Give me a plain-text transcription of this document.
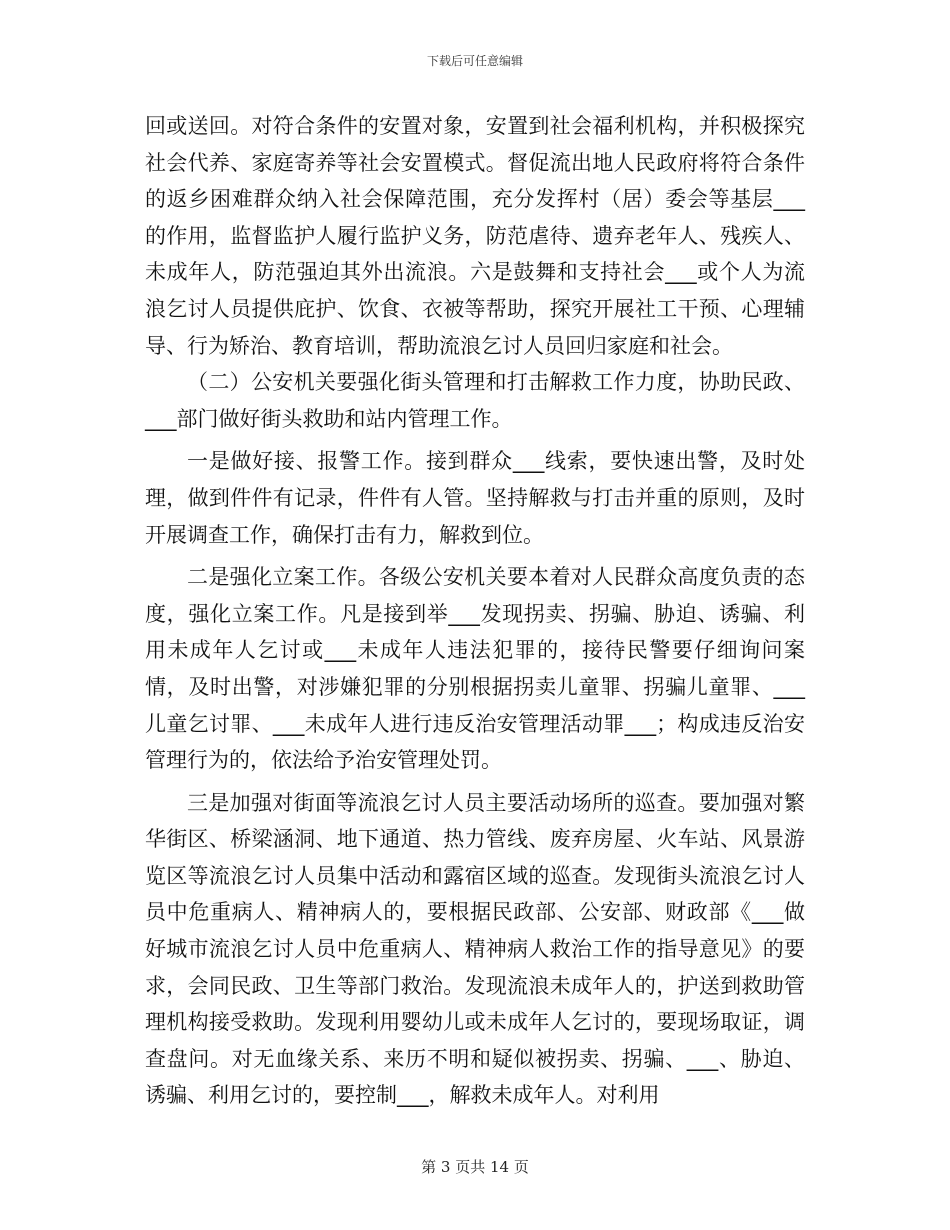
下载后可任意编辑

回或送回。对符合条件的安置对象，安置到社会福利机构，并积极探究社会代养、家庭寄养等社会安置模式。督促流出地人民政府将符合条件的返乡困难群众纳入社会保障范围，充分发挥村（居）委会等基层___的作用，监督监护人履行监护义务，防范虐待、遗弃老年人、残疾人、未成年人，防范强迫其外出流浪。六是鼓舞和支持社会___或个人为流浪乞讨人员提供庇护、饮食、衣被等帮助，探究开展社工干预、心理辅导、行为矫治、教育培训，帮助流浪乞讨人员回归家庭和社会。

（二）公安机关要强化街头管理和打击解救工作力度，协助民政、___部门做好街头救助和站内管理工作。

一是做好接、报警工作。接到群众___线索，要快速出警，及时处理，做到件件有记录，件件有人管。坚持解救与打击并重的原则，及时开展调查工作，确保打击有力，解救到位。

二是强化立案工作。各级公安机关要本着对人民群众高度负责的态度，强化立案工作。凡是接到举___发现拐卖、拐骗、胁迫、诱骗、利用未成年人乞讨或___未成年人违法犯罪的，接待民警要仔细询问案情，及时出警，对涉嫌犯罪的分别根据拐卖儿童罪、拐骗儿童罪、___儿童乞讨罪、___未成年人进行违反治安管理活动罪___；构成违反治安管理行为的，依法给予治安管理处罚。

三是加强对街面等流浪乞讨人员主要活动场所的巡查。要加强对繁华街区、桥梁涵洞、地下通道、热力管线、废弃房屋、火车站、风景游览区等流浪乞讨人员集中活动和露宿区域的巡查。发现街头流浪乞讨人员中危重病人、精神病人的，要根据民政部、公安部、财政部《___做好城市流浪乞讨人员中危重病人、精神病人救治工作的指导意见》的要求，会同民政、卫生等部门救治。发现流浪未成年人的，护送到救助管理机构接受救助。发现利用婴幼儿或未成年人乞讨的，要现场取证，调查盘问。对无血缘关系、来历不明和疑似被拐卖、拐骗、___、胁迫、诱骗、利用乞讨的，要控制___，解救未成年人。对利用

第 3 页共 14 页
